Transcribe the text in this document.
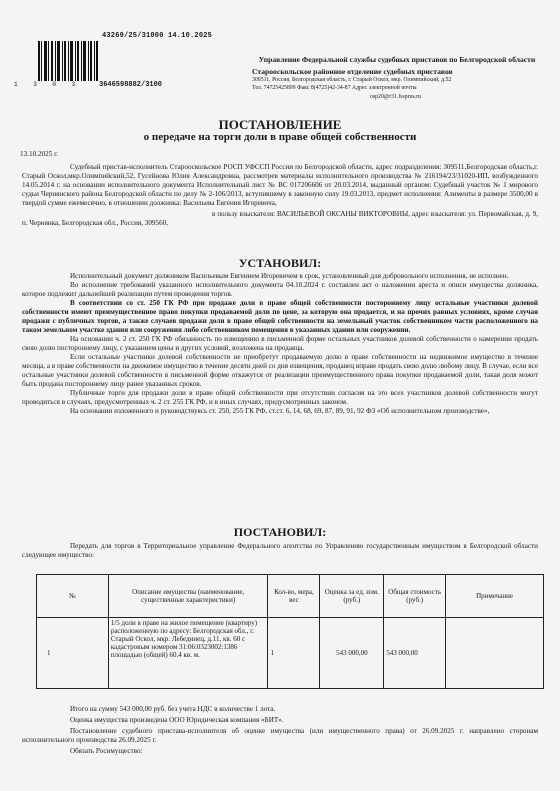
43269/25/31000 14.10.2025
1 3 0 3	3646598882/3100
Управление Федеральной службы судебных приставов по Белгородской области
Старооскольское районное отделение судебных приставов
309511, Россия, Белгородская область, г. Старый Оскол, мкр. Олимпийский, д.52
Тел. 74725425899 Факс 8(4725)42-34-87 Адрес электронной почты
osp20@r31.fssprus.ru
ПОСТАНОВЛЕНИЕ
о передаче на торги доли в праве общей собственности
13.10.2025 г.

Судебный пристав-исполнитель Старооскольское РОСП УФССП России по Белгородской области, адрес подразделения: 309511,Белгородская область,г. Старый Оскол,мкр.Олимпийский,52, Гусейнова Юлия Александровна, рассмотрев материалы исполнительного производства № 216194/23/31020-ИП, возбужденного 14.05.2014 г. на основании исполнительного документа Исполнительный лист № ВС 017206606 от 20.03.2014, выданный органом: Судебный участок № 1 мирового судьи Чернянского района Белгородской области по делу № 2-106/2013, вступившему в законную силу 19.03.2013, предмет исполнения: Алименты в размере 3500,00 в твердой сумме ежемесячно, в отношении должника: Васильева Евгения Игоревича,

в пользу взыскателя: ВАСИЛЬЕВОЙ ОКСАНЫ ВИКТОРОВНЫ, адрес взыскателя: ул. Первомайская, д. 9, п. Чернянка, Белгородская обл., Россия, 309560,

УСТАНОВИЛ:

Исполнительный документ должником Васильевым Евгением Игоревичем в срок, установленный для добровольного исполнения, не исполнен.

Во исполнение требований указанного исполнительного документа 04.10.2024 г. составлен акт о наложении ареста и описи имущества должника, которое подлежит дальнейшей реализации путем проведения торгов.

В соответствии со ст. 250 ГК РФ при продаже доли в праве общей собственности постороннему лицу остальные участники долевой собственности имеют преимущественное право покупки продаваемой доли по цене, за которую она продается, и на прочих равных условиях, кроме случая продажи с публичных торгов, а также случаев продажи доли в праве общей собственности на земельный участок собственником части расположенного на таком земельном участке здания или сооружения либо собственником помещения в указанных здании или сооружении.

На основании ч. 2 ст. 250 ГК РФ обязанность по извещению в письменной форме остальных участников долевой собственности о намерении продать свою долю постороннему лицу, с указанием цены и других условий, возложена на продавца.

Если остальные участники долевой собственности не приобретут продаваемую долю в праве собственности на недвижимое имущество в течение месяца, а в праве собственности на движимое имущество в течение десяти дней со дня извещения, продавец вправе продать свою долю любому лицу. В случае, если все остальные участники долевой собственности в письменной форме откажутся от реализации преимущественного права покупки продаваемой доли, такая доля может быть продана постороннему лицу ранее указанных сроков.

Публичные торги для продажи доли в праве общей собственности при отсутствии согласия на это всех участников долевой собственности могут проводиться в случаях, предусмотренных ч. 2 ст. 255 ГК РФ, и в иных случаях, предусмотренных законом.

На основании изложенного и руководствуясь ст. 250, 255 ГК РФ, ст.ст. 6, 14, 68, 69, 87, 89, 91, 92 ФЗ «Об исполнительном производстве»,

ПОСТАНОВИЛ:

Передать для торгов в Территориальное управление Федерального агентства по Управлению государственным имуществом в Белгородской области следующее имущество:

№	Описание имущества (наименование, существенные характеристики)	Кол-во, мера, вес	Оценка за ед. изм. (руб.)	Общая стоимость (руб.)	Примечание
1	1/5 доли в праве на жилое помещение (квартиру) расположенную по адресу: Белгородская обл., г. Старый Оскол, мкр. Лебединец, д.11, кв. 60 с кадастровым номером 31:06:0323002:1386 площадью (общей) 60.4 кв. м.	1	543 000,00	543 000,00	

Итого на сумму 543 000,00 руб. без учета НДС в количестве 1 лота.

Оценка имущества произведена ООО Юридическая компания «БИТ».

Постановление судебного пристава-исполнителя об оценке имущества (или имущественного права) от 26.09.2025 г. направлено сторонам исполнительного производства 26.09.2025 г.

Обязать Росимущество:
